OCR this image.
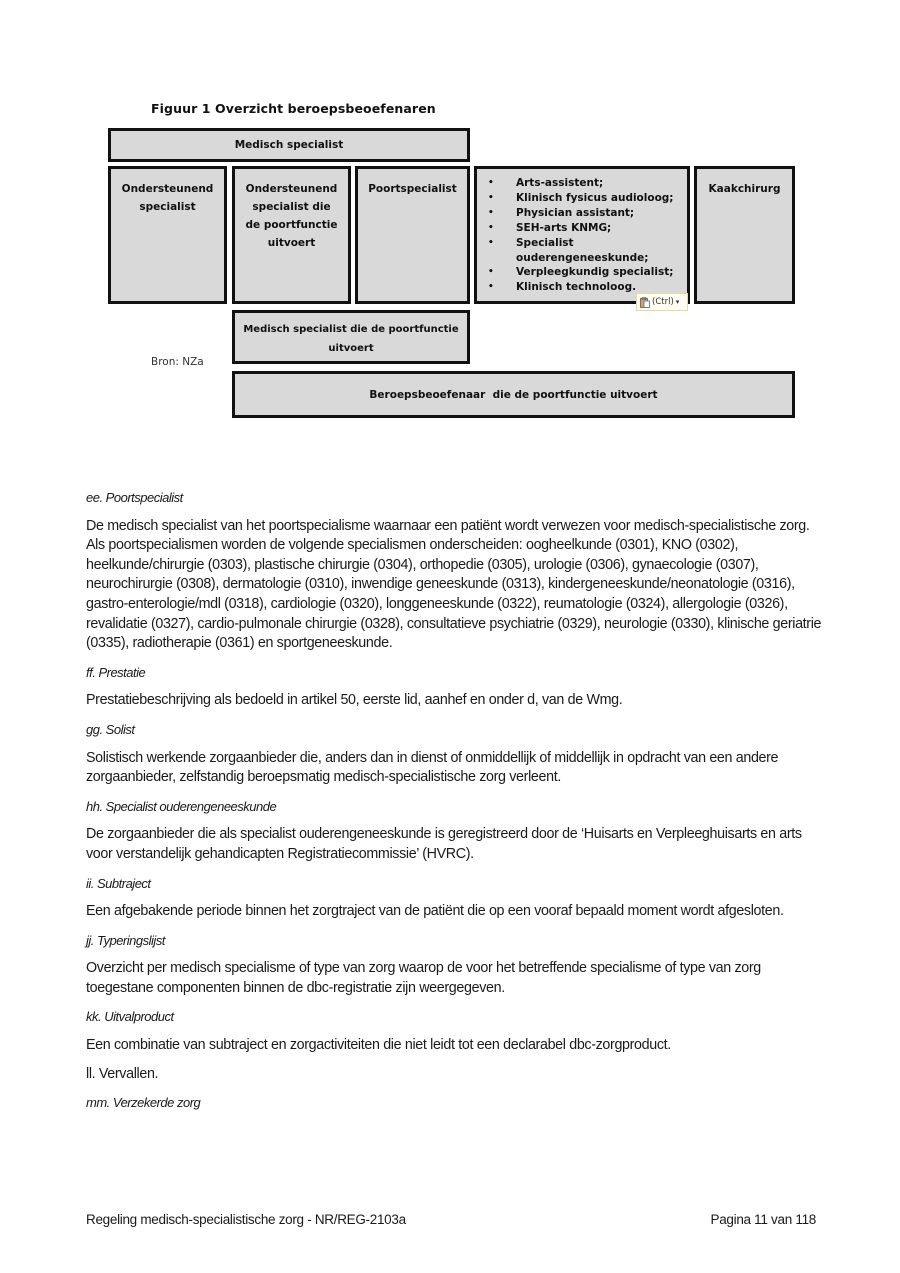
Figuur 1 Overzicht beroepsbeoefenaren
Medisch specialist
Ondersteunend
specialist
Ondersteunend
specialist die
de poortfunctie
uitvoert
Poortspecialist	• Arts-assistent;
• Klinisch fysicus audioloog;
• Physician assistant;
• SEH-arts KNMG;
• Specialist ouderengeneeskunde;
• Verpleegkundig specialist;
• Klinisch technoloog.
Kaakchirurg
(Ctrl) ▾
Medisch specialist die de poortfunctie
uitvoert
Bron: NZa
Beroepsbeoefenaar  die de poortfunctie uitvoert

ee. Poortspecialist

De medisch specialist van het poortspecialisme waarnaar een patiënt wordt verwezen voor medisch-specialistische zorg. Als poortspecialismen worden de volgende specialismen onderscheiden: oogheelkunde (0301), KNO (0302), heelkunde/chirurgie (0303), plastische chirurgie (0304), orthopedie (0305), urologie (0306), gynaecologie (0307), neurochirurgie (0308), dermatologie (0310), inwendige geneeskunde (0313), kindergeneeskunde/neonatologie (0316), gastro-enterologie/mdl (0318), cardiologie (0320), longgeneeskunde (0322), reumatologie (0324), allergologie (0326), revalidatie (0327), cardio-pulmonale chirurgie (0328), consultatieve psychiatrie (0329), neurologie (0330), klinische geriatrie (0335), radiotherapie (0361) en sportgeneeskunde.

ff. Prestatie

Prestatiebeschrijving als bedoeld in artikel 50, eerste lid, aanhef en onder d, van de Wmg.

gg. Solist

Solistisch werkende zorgaanbieder die, anders dan in dienst of onmiddellijk of middellijk in opdracht van een andere zorgaanbieder, zelfstandig beroepsmatig medisch-specialistische zorg verleent.

hh. Specialist ouderengeneeskunde

De zorgaanbieder die als specialist ouderengeneeskunde is geregistreerd door de ‘Huisarts en Verpleeghuisarts en arts voor verstandelijk gehandicapten Registratiecommissie’ (HVRC).

ii. Subtraject

Een afgebakende periode binnen het zorgtraject van de patiënt die op een vooraf bepaald moment wordt afgesloten.

jj. Typeringslijst

Overzicht per medisch specialisme of type van zorg waarop de voor het betreffende specialisme of type van zorg toegestane componenten binnen de dbc-registratie zijn weergegeven.

kk. Uitvalproduct

Een combinatie van subtraject en zorgactiviteiten die niet leidt tot een declarabel dbc-zorgproduct.

ll. Vervallen.

mm. Verzekerde zorg

Regeling medisch-specialistische zorg - NR/REG-2103a	Pagina 11 van 118
